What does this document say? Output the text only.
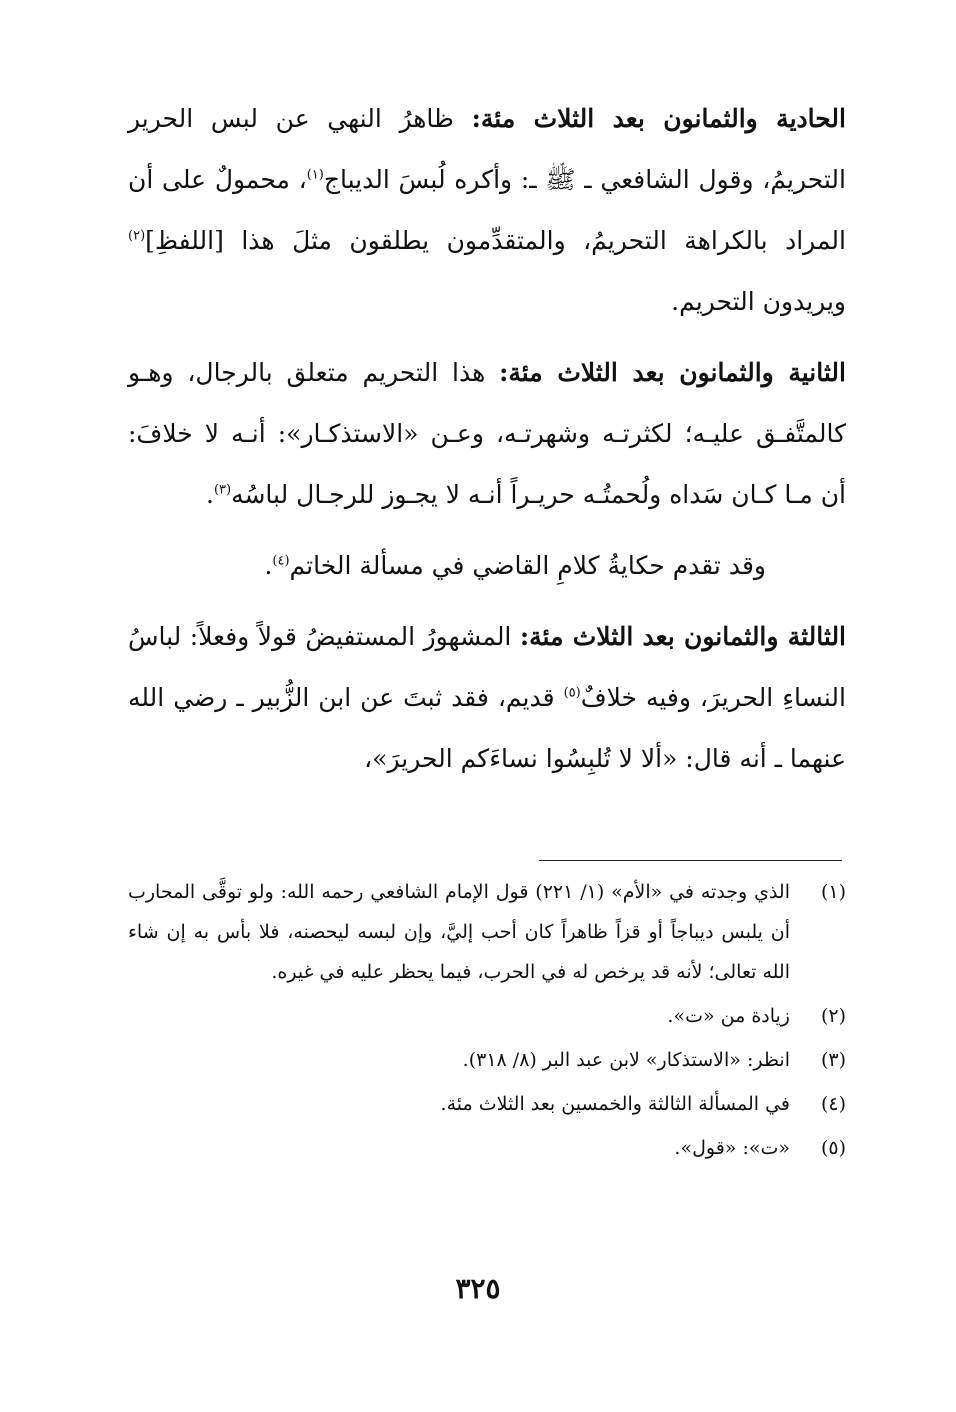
الحادية والثمانون بعد الثلاث مئة: ظاهرُ النهي عن لبس الحرير التحريمُ، وقول الشافعي ـ ﷺ ـ: وأكره لُبسَ الديباج$^{(١)}$، محمولٌ على أن المراد بالكراهة التحريمُ، والمتقدِّمون يطلقون مثلَ هذا [اللفظِ]$^{(٢)}$ ويريدون التحريم.

الثانية والثمانون بعد الثلاث مئة: هذا التحريم متعلق بالرجال، وهـو كالمتَّفـق عليـه؛ لكثرتـه وشهرتـه، وعـن «الاستذكـار»: أنـه لا خلافَ: أن مـا كـان سَداه ولُحمتُـه حريـراً أنـه لا يجـوز للرجـال لباسُه$^{(٣)}$.

وقد تقدم حكايةُ كلامِ القاضي في مسألة الخاتم$^{(٤)}$.

الثالثة والثمانون بعد الثلاث مئة: المشهورُ المستفيضُ قولاً وفعلاً: لباسُ النساءِ الحريرَ، وفيه خلافٌ$^{(٥)}$ قديم، فقد ثبتَ عن ابن الزُّبير ـ رضي الله عنهما ـ أنه قال: «ألا لا تُلبِسُوا نساءَكم الحريرَ»،

(١)
الذي وجدته في «الأم» (١/ ٢٢١) قول الإمام الشافعي رحمه الله: ولو توقَّى المحارب أن يلبس ديباجاً أو قزاً ظاهراً كان أحب إليَّ، وإن لبسه ليحصنه، فلا بأس به إن شاء الله تعالى؛ لأنه قد يرخص له في الحرب، فيما يحظر عليه في غيره.
(٢)
زيادة من «ت».
(٣)
انظر: «الاستذكار» لابن عبد البر (٨/ ٣١٨).
(٤)
في المسألة الثالثة والخمسين بعد الثلاث مئة.
(٥)
«ت»: «قول».
٣٢٥
